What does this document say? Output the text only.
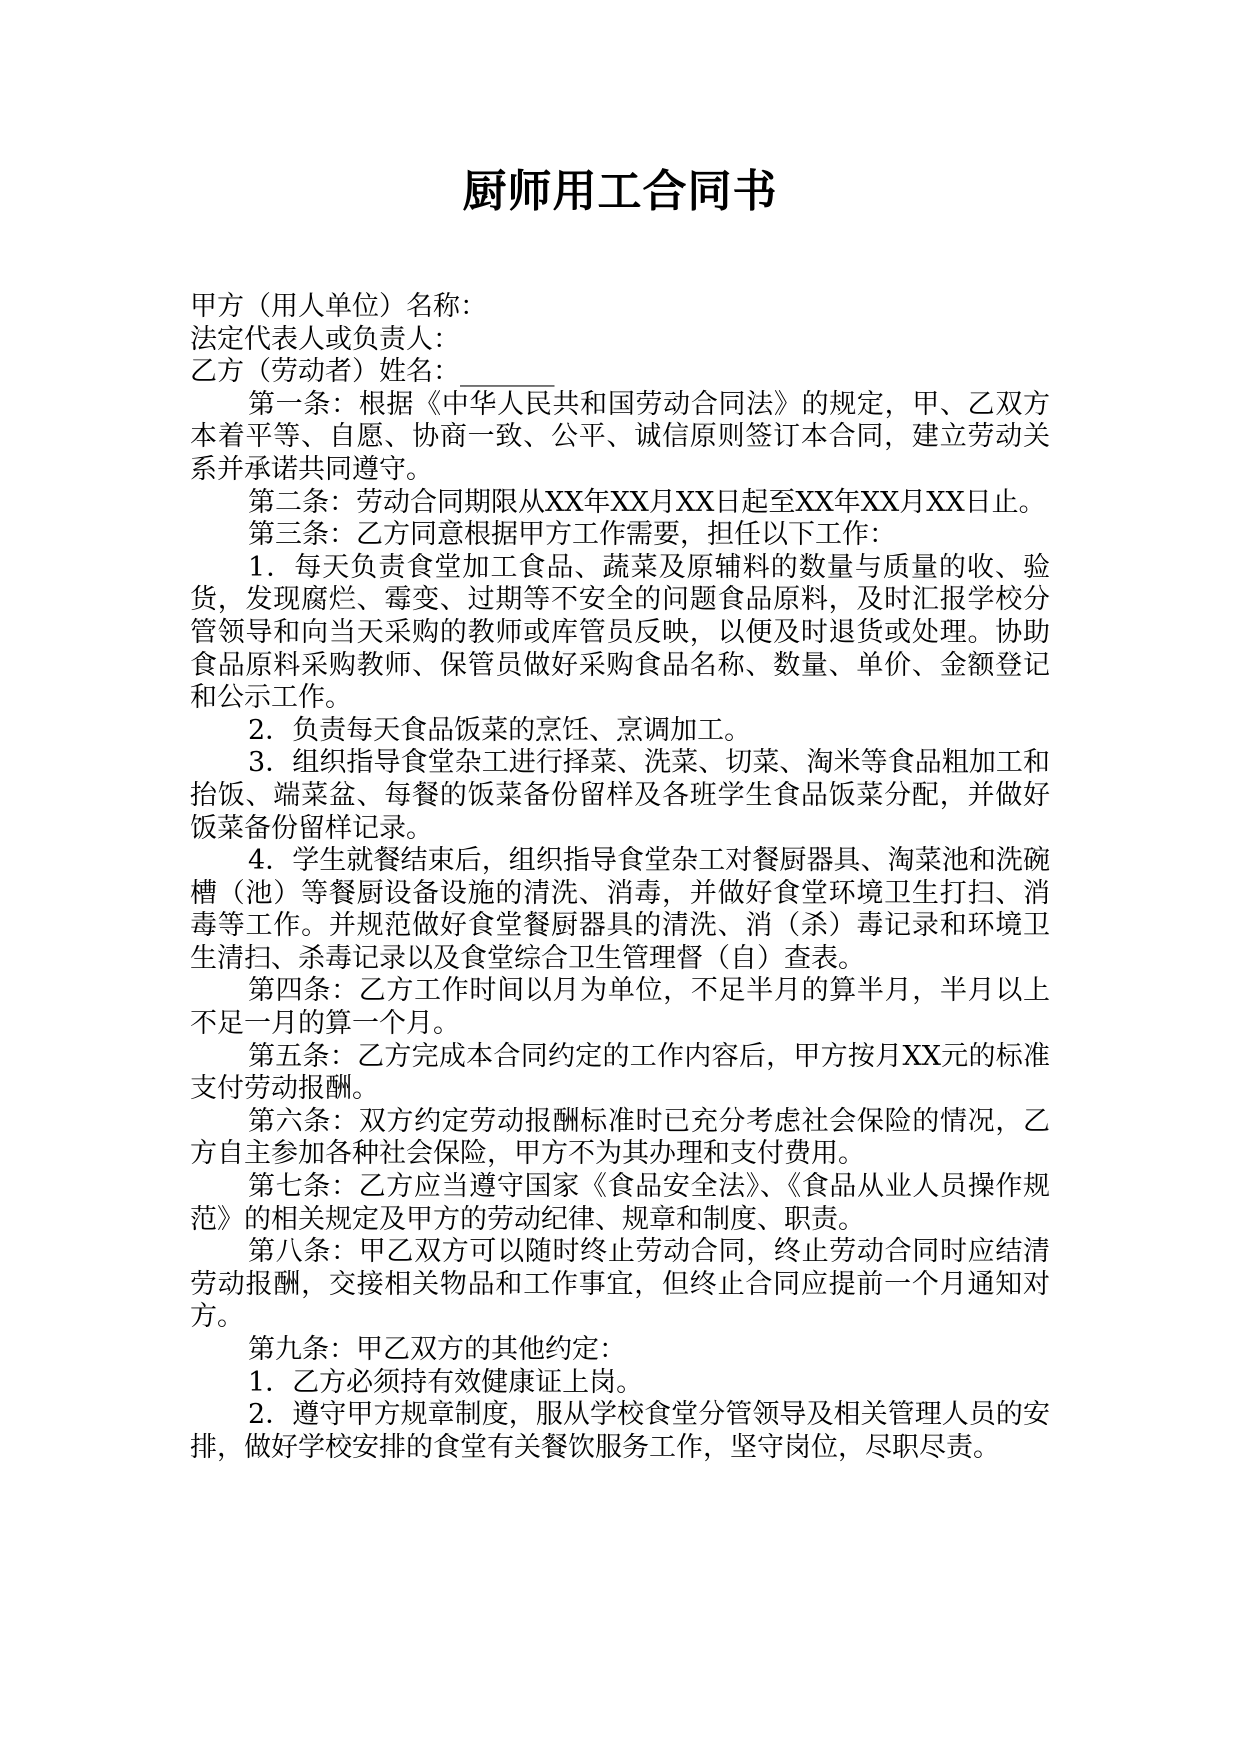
厨师用工合同书

甲方（用人单位）名称：

法定代表人或负责人：

乙方（劳动者）姓名：_______

第一条：根据《中华人民共和国劳动合同法》的规定，甲、乙双方本着平等、自愿、协商一致、公平、诚信原则签订本合同，建立劳动关系并承诺共同遵守。

第二条：劳动合同期限从XX年XX月XX日起至XX年XX月XX日止。

第三条：乙方同意根据甲方工作需要，担任以下工作：

1．每天负责食堂加工食品、蔬菜及原辅料的数量与质量的收、验货，发现腐烂、霉变、过期等不安全的问题食品原料，及时汇报学校分管领导和向当天采购的教师或库管员反映，以便及时退货或处理。协助食品原料采购教师、保管员做好采购食品名称、数量、单价、金额登记和公示工作。

2．负责每天食品饭菜的烹饪、烹调加工。

3．组织指导食堂杂工进行择菜、洗菜、切菜、淘米等食品粗加工和抬饭、端菜盆、每餐的饭菜备份留样及各班学生食品饭菜分配，并做好饭菜备份留样记录。

4．学生就餐结束后，组织指导食堂杂工对餐厨器具、淘菜池和洗碗槽（池）等餐厨设备设施的清洗、消毒，并做好食堂环境卫生打扫、消毒等工作。并规范做好食堂餐厨器具的清洗、消（杀）毒记录和环境卫生清扫、杀毒记录以及食堂综合卫生管理督（自）查表。

第四条：乙方工作时间以月为单位，不足半月的算半月，半月以上不足一月的算一个月。

第五条：乙方完成本合同约定的工作内容后，甲方按月XX元的标准支付劳动报酬。

第六条：双方约定劳动报酬标准时已充分考虑社会保险的情况，乙方自主参加各种社会保险，甲方不为其办理和支付费用。

第七条：乙方应当遵守国家《食品安全法》、《食品从业人员操作规范》的相关规定及甲方的劳动纪律、规章和制度、职责。

第八条：甲乙双方可以随时终止劳动合同，终止劳动合同时应结清劳动报酬，交接相关物品和工作事宜，但终止合同应提前一个月通知对方。

第九条：甲乙双方的其他约定：

1．乙方必须持有效健康证上岗。

2．遵守甲方规章制度，服从学校食堂分管领导及相关管理人员的安排，做好学校安排的食堂有关餐饮服务工作，坚守岗位，尽职尽责。
